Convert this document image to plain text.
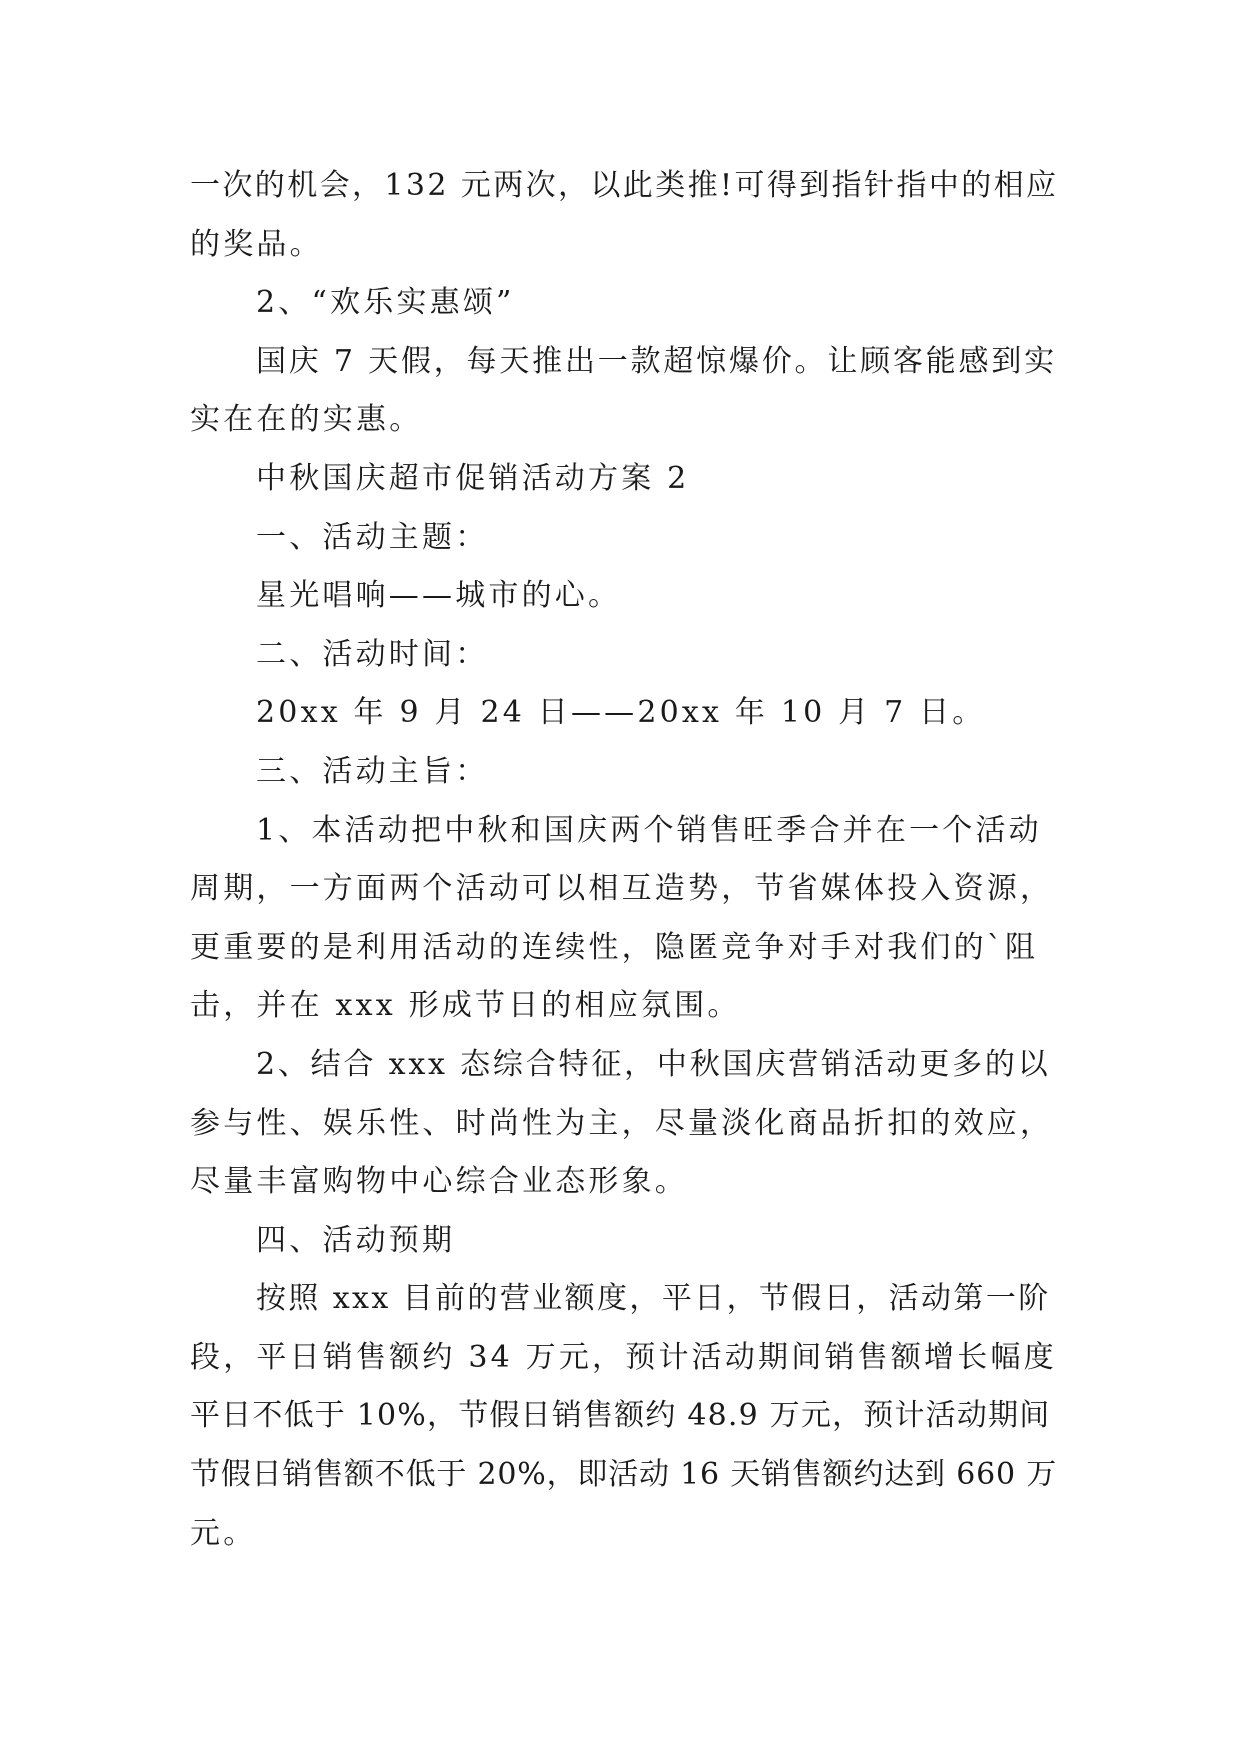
一次的机会，132 元两次，以此类推!可得到指针指中的相应

的奖品。

2、“欢乐实惠颂”

国庆 7 天假，每天推出一款超惊爆价。让顾客能感到实

实在在的实惠。

中秋国庆超市促销活动方案 2

一、活动主题：

星光唱响——城市的心。

二、活动时间：

20xx 年 9 月 24 日——20xx 年 10 月 7 日。

三、活动主旨：

1、本活动把中秋和国庆两个销售旺季合并在一个活动

周期，一方面两个活动可以相互造势，节省媒体投入资源，

更重要的是利用活动的连续性，隐匿竞争对手对我们的`阻

击，并在 xxx 形成节日的相应氛围。

2、结合 xxx 态综合特征，中秋国庆营销活动更多的以

参与性、娱乐性、时尚性为主，尽量淡化商品折扣的效应，

尽量丰富购物中心综合业态形象。

四、活动预期

按照 xxx 目前的营业额度，平日，节假日，活动第一阶

段，平日销售额约 34 万元，预计活动期间销售额增长幅度

平日不低于 10%，节假日销售额约 48.9 万元，预计活动期间

节假日销售额不低于 20%，即活动 16 天销售额约达到 660 万

元。
